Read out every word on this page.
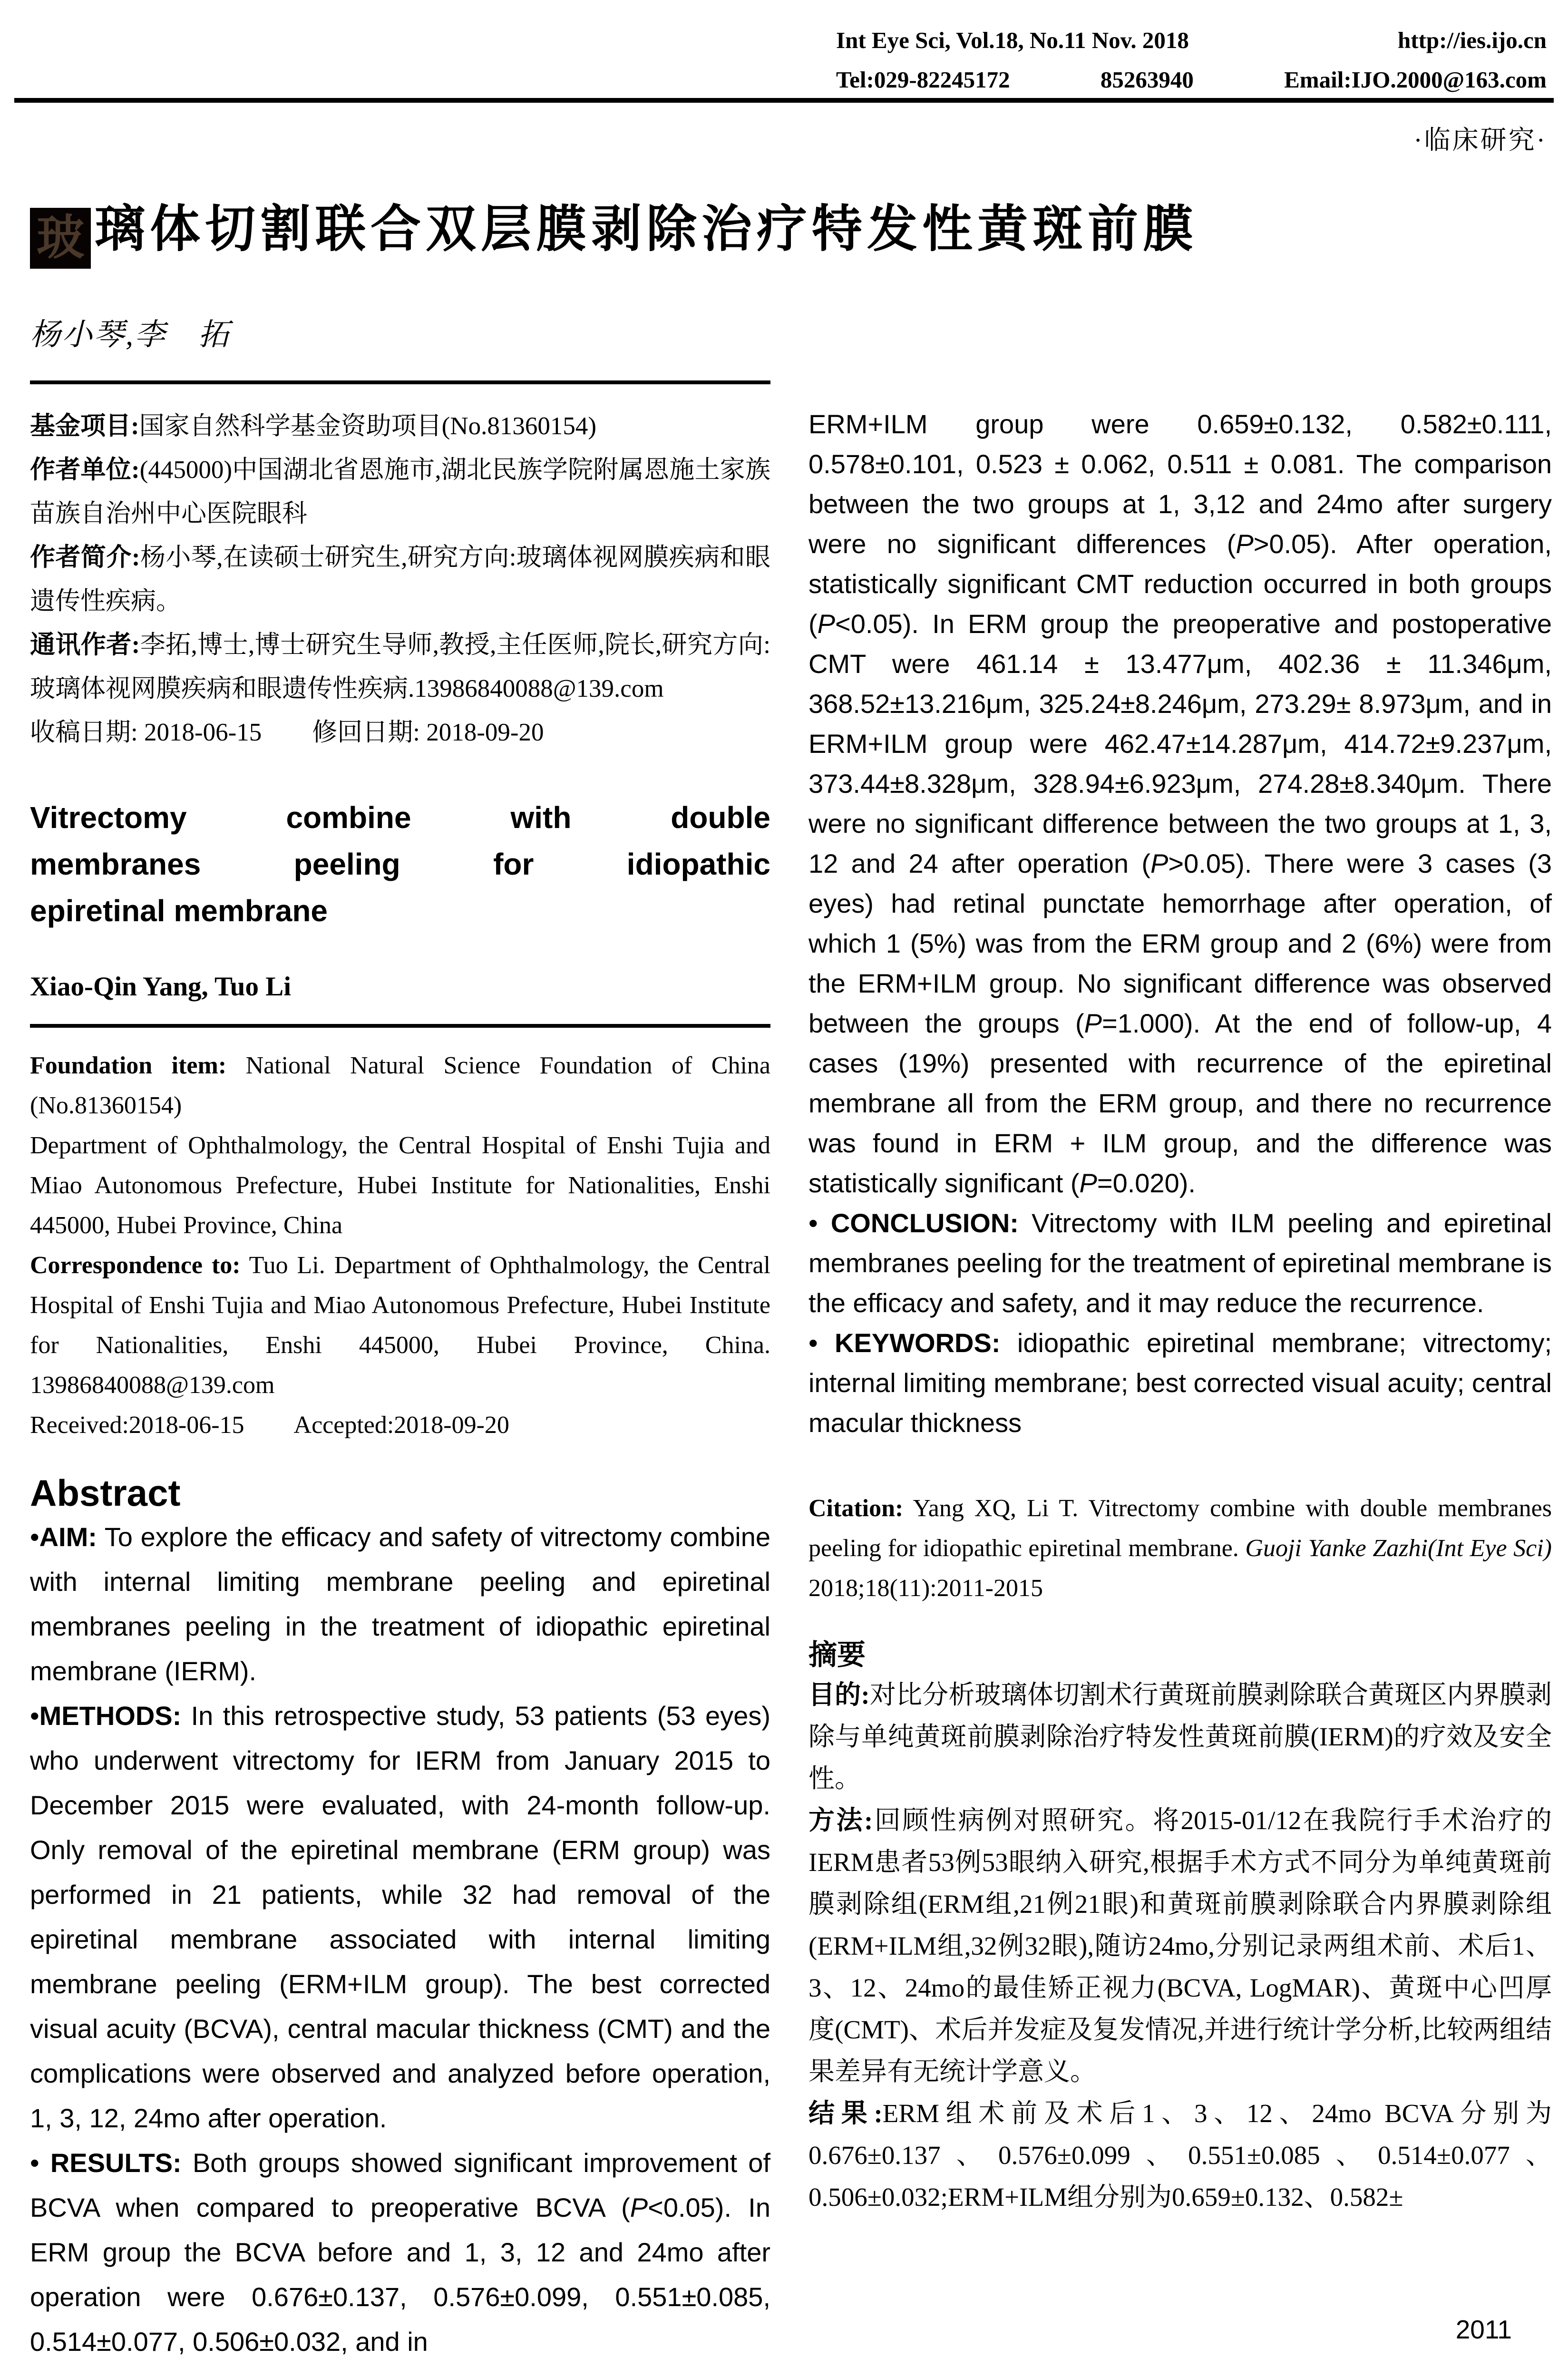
Int Eye Sci, Vol.18, No.11 Nov. 2018	http://ies.ijo.cn
Tel:029-82245172	85263940	Email:IJO.2000@163.com
·临床研究·
玻 璃体切割联合双层膜剥除治疗特发性黄斑前膜
杨小琴,李　拓

基金项目:国家自然科学基金资助项目(No.81360154)

作者单位:(445000)中国湖北省恩施市,湖北民族学院附属恩施土家族苗族自治州中心医院眼科

作者简介:杨小琴,在读硕士研究生,研究方向:玻璃体视网膜疾病和眼遗传性疾病。

通讯作者:李拓,博士,博士研究生导师,教授,主任医师,院长,研究方向:玻璃体视网膜疾病和眼遗传性疾病.13986840088@139.com

收稿日期: 2018-06-15　　修回日期: 2018-09-20

Vitrectomy combine with double
membranes peeling for idiopathic
epiretinal membrane
Xiao-Qin Yang, Tuo Li

Foundation item: National Natural Science Foundation of China (No.81360154)

Department of Ophthalmology, the Central Hospital of Enshi Tujia and Miao Autonomous Prefecture, Hubei Institute for Nationalities, Enshi 445000, Hubei Province, China

Correspondence to: Tuo Li. Department of Ophthalmology, the Central Hospital of Enshi Tujia and Miao Autonomous Prefecture, Hubei Institute for Nationalities, Enshi 445000, Hubei Province, China. 13986840088@139.com

Received:2018-06-15　　Accepted:2018-09-20

Abstract

•AIM: To explore the efficacy and safety of vitrectomy combine with internal limiting membrane peeling and epiretinal membranes peeling in the treatment of idiopathic epiretinal membrane (IERM).

•METHODS: In this retrospective study, 53 patients (53 eyes) who underwent vitrectomy for IERM from January 2015 to December 2015 were evaluated, with 24-month follow-up. Only removal of the epiretinal membrane (ERM group) was performed in 21 patients, while 32 had removal of the epiretinal membrane associated with internal limiting membrane peeling (ERM+ILM group). The best corrected visual acuity (BCVA), central macular thickness (CMT) and the complications were observed and analyzed before operation, 1, 3, 12, 24mo after operation.

• RESULTS: Both groups showed significant improvement of BCVA when compared to preoperative BCVA (P<0.05). In ERM group the BCVA before and 1, 3, 12 and 24mo after operation were 0.676±0.137, 0.576±0.099, 0.551±0.085, 0.514±0.077, 0.506±0.032, and in

ERM+ILM group were 0.659±0.132, 0.582±0.111, 0.578±0.101, 0.523 ± 0.062, 0.511 ± 0.081. The comparison between the two groups at 1, 3,12 and 24mo after surgery were no significant differences (P>0.05). After operation, statistically significant CMT reduction occurred in both groups (P<0.05). In ERM group the preoperative and postoperative CMT were 461.14 ± 13.477μm, 402.36 ± 11.346μm, 368.52±13.216μm, 325.24±8.246μm, 273.29± 8.973μm, and in ERM+ILM group were 462.47±14.287μm, 414.72±9.237μm, 373.44±8.328μm, 328.94±6.923μm, 274.28±8.340μm. There were no significant difference between the two groups at 1, 3, 12 and 24 after operation (P>0.05). There were 3 cases (3 eyes) had retinal punctate hemorrhage after operation, of which 1 (5%) was from the ERM group and 2 (6%) were from the ERM+ILM group. No significant difference was observed between the groups (P=1.000). At the end of follow-up, 4 cases (19%) presented with recurrence of the epiretinal membrane all from the ERM group, and there no recurrence was found in ERM + ILM group, and the difference was statistically significant (P=0.020).

• CONCLUSION: Vitrectomy with ILM peeling and epiretinal membranes peeling for the treatment of epiretinal membrane is the efficacy and safety, and it may reduce the recurrence.

• KEYWORDS: idiopathic epiretinal membrane; vitrectomy; internal limiting membrane; best corrected visual acuity; central macular thickness

Citation: Yang XQ, Li T. Vitrectomy combine with double membranes peeling for idiopathic epiretinal membrane. Guoji Yanke Zazhi(Int Eye Sci) 2018;18(11):2011-2015

摘要

目的:对比分析玻璃体切割术行黄斑前膜剥除联合黄斑区内界膜剥除与单纯黄斑前膜剥除治疗特发性黄斑前膜(IERM)的疗效及安全性。

方法:回顾性病例对照研究。将2015-01/12在我院行手术治疗的IERM患者53例53眼纳入研究,根据手术方式不同分为单纯黄斑前膜剥除组(ERM组,21例21眼)和黄斑前膜剥除联合内界膜剥除组(ERM+ILM组,32例32眼),随访24mo,分别记录两组术前、术后1、3、12、24mo的最佳矫正视力(BCVA, LogMAR)、黄斑中心凹厚度(CMT)、术后并发症及复发情况,并进行统计学分析,比较两组结果差异有无统计学意义。

结果:ERM组术前及术后1、3、12、24mo BCVA分别为0.676±0.137、0.576±0.099、0.551±0.085、0.514±0.077、0.506±0.032;ERM+ILM组分别为0.659±0.132、0.582±

2011
